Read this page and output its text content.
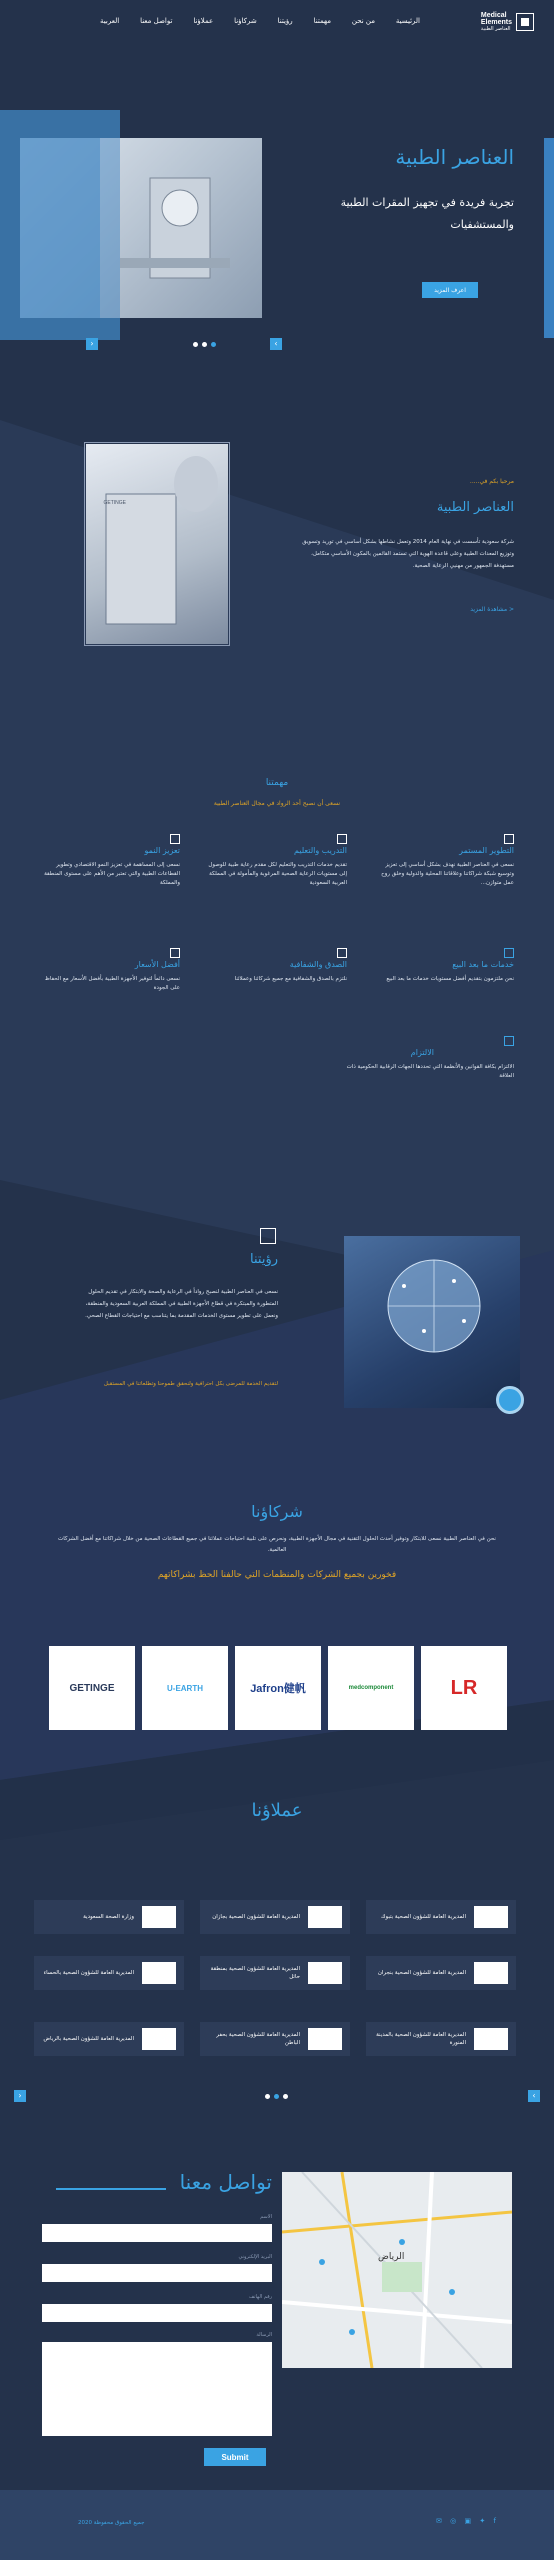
Medical
Elements
العناصر الطبية
الرئيسية
من نحن
مهمتنا
رؤيتنا
شركاؤنا
عملاؤنا
تواصل معنا
العربية
العناصر الطبية
تجربة فريدة في تجهيز المقرات الطبية
والمستشفيات
اعرف المزيد
‹	›
GETINGE
مرحبا بكم في.....
العناصر الطبية
شركة سعودية تأسست في نهاية العام 2014 وتعمل نشاطها بشكل أساسي في توريد وتسويق وتوزيع المعدات الطبية وعلى قاعدة الهوية التي تستمد القائمين بالمكون الأساسي متكامل، مستهدفة الجمهور من مهنيي الرعاية الصحية.
< مشاهدة المزيد
مهمتنا
نسعى أن نصبح أحد الرواد في مجال العناصر الطبية
التطوير المستمر
نسعى في العناصر الطبية نهدف بشكل أساسي إلى تعزيز وتوسيع شبكة شراكاتنا وعلاقاتنا المحلية والدولية وخلق روح عمل متوازن...
التدريب والتعليم
تقديم خدمات التدريب والتعليم لكل مقدم رعاية طبية للوصول إلى مستويات الرعاية الصحية المرغوبة والمأمولة في المملكة العربية السعودية
تعزيز النمو
نسعى إلى المساهمة في تعزيز النمو الاقتصادي وتطوير القطاعات الطبية والتي تعتبر من الأهم على مستوى المنطقة والمملكة
خدمات ما بعد البيع
نحن ملتزمون بتقديم أفضل مستويات خدمات ما بعد البيع
الصدق والشفافية
نلتزم بالصدق والشفافية مع جميع شركائنا وعملائنا
أفضل الأسعار
نسعى دائماً لتوفير الأجهزة الطبية بأفضل الأسعار مع الحفاظ على الجودة
الالتزام
الالتزام بكافة القوانين والأنظمة التي تحددها الجهات الرقابية الحكومية ذات العلاقة
رؤيتنا
نسعى في العناصر الطبية لنصبح رواداً في الرعاية والصحة والابتكار في تقديم الحلول المتطورة والمبتكرة في قطاع الأجهزة الطبية في المملكة العربية السعودية والمنطقة، ونعمل على تطوير مستوى الخدمات المقدمة بما يتناسب مع احتياجات القطاع الصحي.
لتقديم الخدمة للمرضى بكل احترافية ولنحقق طموحنا وتطلعاتنا في المستقبل
شركاؤنا
نحن في العناصر الطبية نسعى للابتكار وتوفير أحدث الحلول التقنية في مجال الأجهزة الطبية، ونحرص على تلبية احتياجات عملائنا في جميع القطاعات الصحية من خلال شراكاتنا مع أفضل الشركات العالمية.
فخورين بجميع الشركات والمنظمات التي حالفنا الحظ بشراكاتهم
LR
medcomponent
Jafron健帆
U-EARTH
GETINGE
عملاؤنا
المديرية العامة للشؤون الصحية بتبوك
المديرية العامة للشؤون الصحية بجازان
وزارة الصحة السعودية
المديرية العامة للشؤون الصحية بنجران
المديرية العامة للشؤون الصحية بمنطقة حائل
المديرية العامة للشؤون الصحية بالحساء
المديرية العامة للشؤون الصحية بالمدينة المنورة
المديرية العامة للشؤون الصحية بحفر الباطن
المديرية العامة للشؤون الصحية بالرياض
‹	›
تواصل معنا
الاسم
البريد الإلكتروني
رقم الهاتف
الرسالة
Submit
الرياض
جميع الحقوق محفوظة 2020	✉ ◎ ▣ ✦ f
